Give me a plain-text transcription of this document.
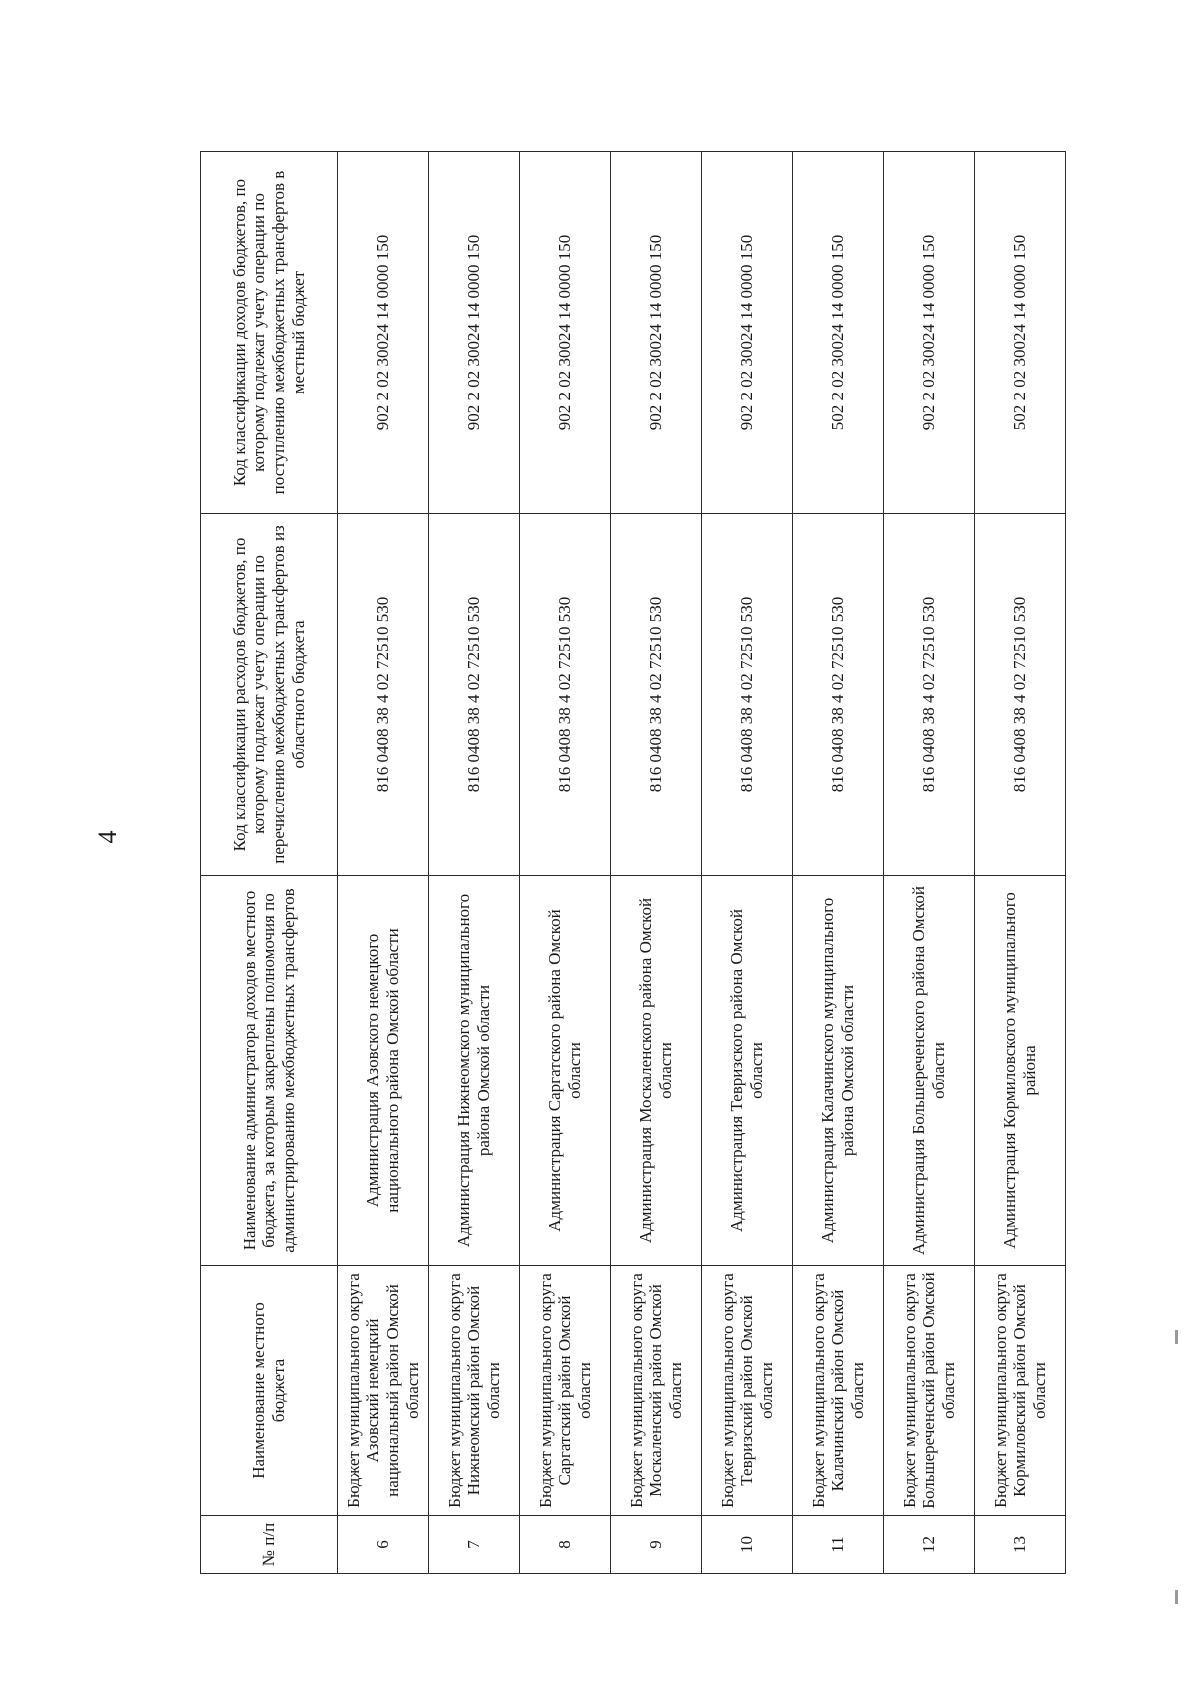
4
№ п/п	Наименование местного бюджета	Наименование администратора доходов местного бюджета, за которым закреплены полномочия по администрированию межбюджетных трансфертов	Код классификации расходов бюджетов, по которому подлежат учету операции по перечислению межбюджетных трансфертов из областного бюджета	Код классификации доходов бюджетов, по которому подлежат учету операции по поступлению межбюджетных трансфертов в местный бюджет
6	Бюджет муниципального округа Азовский немецкий национальный район Омской области	Администрация Азовского немецкого национального района Омской области	816 0408 38 4 02 72510 530	902 2 02 30024 14 0000 150
7	Бюджет муниципального округа Нижнеомский район Омской области	Администрация Нижнеомского муниципального района Омской области	816 0408 38 4 02 72510 530	902 2 02 30024 14 0000 150
8	Бюджет муниципального округа Саргатский район Омской области	Администрация Саргатского района Омской области	816 0408 38 4 02 72510 530	902 2 02 30024 14 0000 150
9	Бюджет муниципального округа Москаленский район Омской области	Администрация Москаленского района Омской области	816 0408 38 4 02 72510 530	902 2 02 30024 14 0000 150
10	Бюджет муниципального округа Тевризский район Омской области	Администрация Тевризского района Омской области	816 0408 38 4 02 72510 530	902 2 02 30024 14 0000 150
11	Бюджет муниципального округа Калачинский район Омской области	Администрация Калачинского муниципального района Омской области	816 0408 38 4 02 72510 530	502 2 02 30024 14 0000 150
12	Бюджет муниципального округа Большереченский район Омской области	Администрация Большереченского района Омской области	816 0408 38 4 02 72510 530	902 2 02 30024 14 0000 150
13	Бюджет муниципального округа Кормиловский район Омской области	Администрация Кормиловского муниципального района	816 0408 38 4 02 72510 530	502 2 02 30024 14 0000 150
